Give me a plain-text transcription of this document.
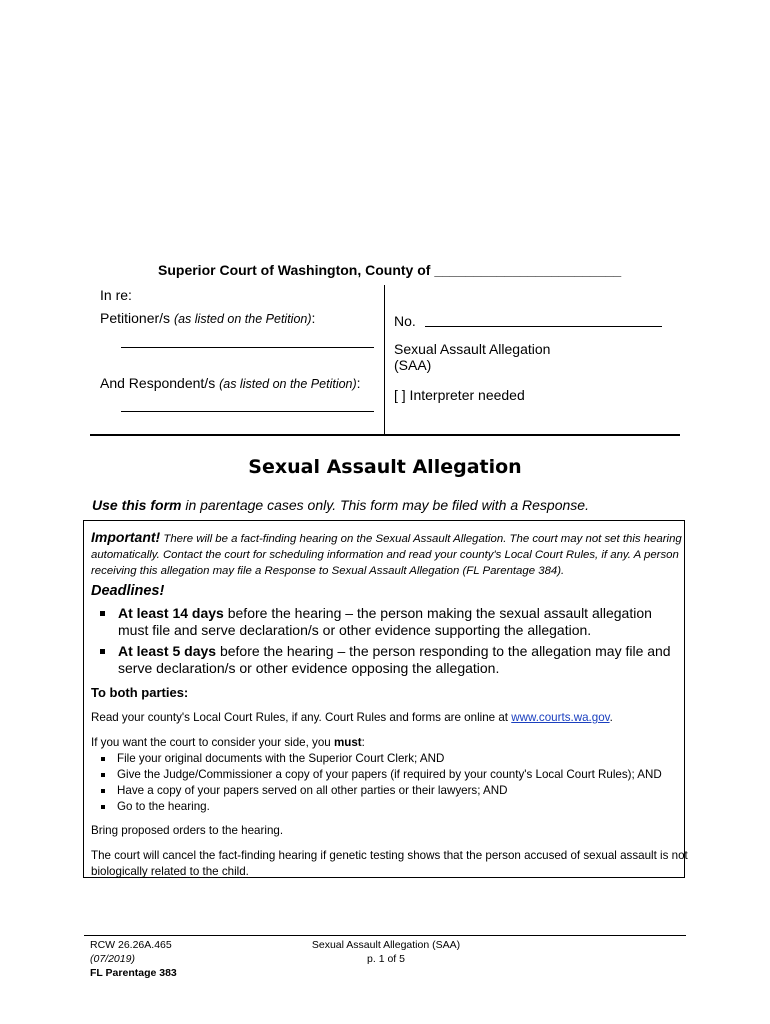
Superior Court of Washington, County of ________________________
In re:
Petitioner/s (as listed on the Petition):
And Respondent/s (as listed on the Petition):
No.
Sexual Assault Allegation
(SAA)
[ ] Interpreter needed
Sexual Assault Allegation
Use this form in parentage cases only. This form may be filed with a Response.
Important! There will be a fact-finding hearing on the Sexual Assault Allegation. The court may not set this hearing automatically. Contact the court for scheduling information and read your county's Local Court Rules, if any. A person receiving this allegation may file a Response to Sexual Assault Allegation (FL Parentage 384).
Deadlines!
At least 14 days before the hearing – the person making the sexual assault allegation
must file and serve declaration/s or other evidence supporting the allegation.
At least 5 days before the hearing – the person responding to the allegation may file and
serve declaration/s or other evidence opposing the allegation.
To both parties:
Read your county's Local Court Rules, if any. Court Rules and forms are online at www.courts.wa.gov.
If you want the court to consider your side, you must:
File your original documents with the Superior Court Clerk; AND
Give the Judge/Commissioner a copy of your papers (if required by your county's Local Court Rules); AND
Have a copy of your papers served on all other parties or their lawyers; AND
Go to the hearing.
Bring proposed orders to the hearing.
The court will cancel the fact-finding hearing if genetic testing shows that the person accused of sexual assault is not
biologically related to the child.
RCW 26.26A.465
(07/2019)
FL Parentage 383
Sexual Assault Allegation (SAA)
p. 1 of 5
